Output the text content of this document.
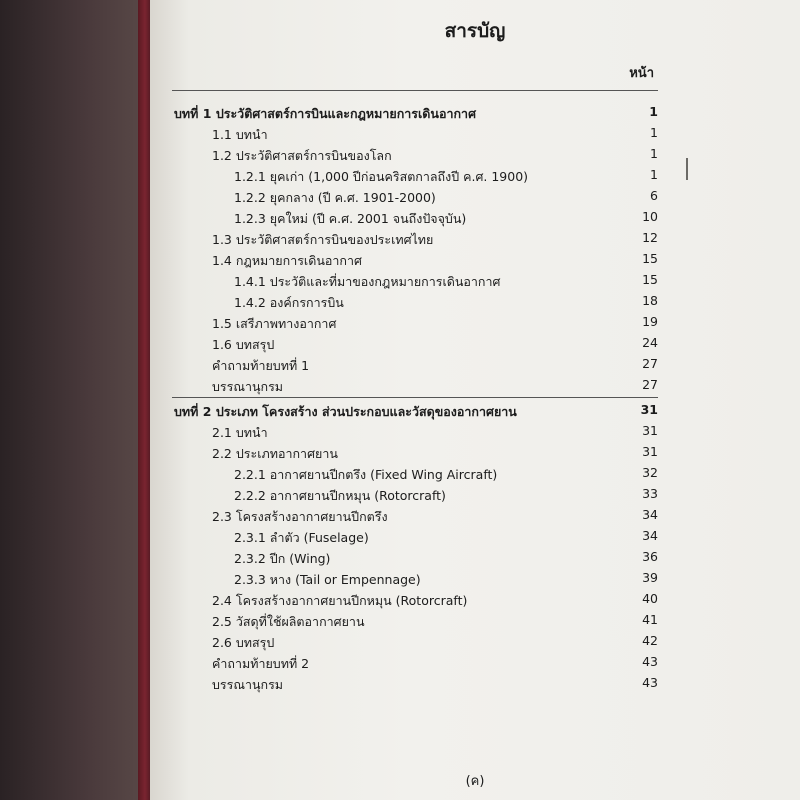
สารบัญ
หน้า
บทที่ 1 ประวัติศาสตร์การบินและกฎหมายการเดินอากาศ	1
1.1 บทนำ	1
1.2 ประวัติศาสตร์การบินของโลก	1
1.2.1 ยุคเก่า (1,000 ปีก่อนคริสตกาลถึงปี ค.ศ. 1900)	1
1.2.2 ยุคกลาง (ปี ค.ศ. 1901-2000)	6
1.2.3 ยุคใหม่ (ปี ค.ศ. 2001 จนถึงปัจจุบัน)	10
1.3 ประวัติศาสตร์การบินของประเทศไทย	12
1.4 กฎหมายการเดินอากาศ	15
1.4.1 ประวัติและที่มาของกฎหมายการเดินอากาศ	15
1.4.2 องค์กรการบิน	18
1.5 เสรีภาพทางอากาศ	19
1.6 บทสรุป	24
คำถามท้ายบทที่ 1	27
บรรณานุกรม	27
บทที่ 2 ประเภท โครงสร้าง ส่วนประกอบและวัสดุของอากาศยาน	31
2.1 บทนำ	31
2.2 ประเภทอากาศยาน	31
2.2.1 อากาศยานปีกตรึง (Fixed Wing Aircraft)	32
2.2.2 อากาศยานปีกหมุน (Rotorcraft)	33
2.3 โครงสร้างอากาศยานปีกตรึง	34
2.3.1 ลำตัว (Fuselage)	34
2.3.2 ปีก (Wing)	36
2.3.3 หาง (Tail or Empennage)	39
2.4 โครงสร้างอากาศยานปีกหมุน (Rotorcraft)	40
2.5 วัสดุที่ใช้ผลิตอากาศยาน	41
2.6 บทสรุป	42
คำถามท้ายบทที่ 2	43
บรรณานุกรม	43
(ค)
